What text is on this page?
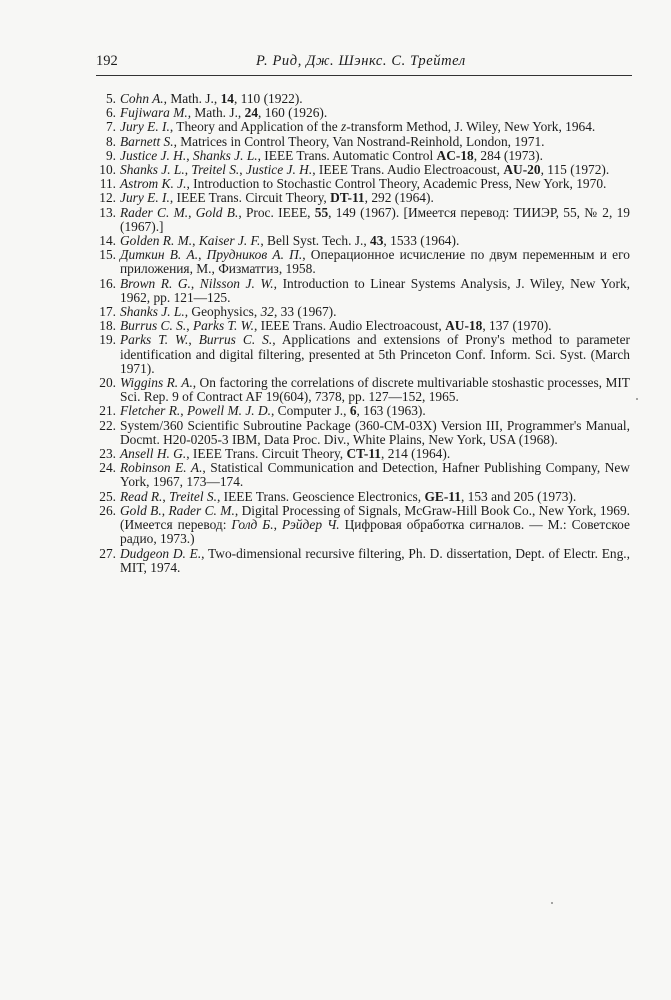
192	Р. Рид, Дж. Шэнкс. С. Трейтел
5. Cohn A., Math. J., 14, 110 (1922).
6. Fujiwara M., Math. J., 24, 160 (1926).
7. Jury E. I., Theory and Application of the z-transform Method, J. Wiley, New York, 1964.
8. Barnett S., Matrices in Control Theory, Van Nostrand-Reinhold, London, 1971.
9. Justice J. H., Shanks J. L., IEEE Trans. Automatic Control AC-18, 284 (1973).
10. Shanks J. L., Treitel S., Justice J. H., IEEE Trans. Audio Electroacoust, AU-20, 115 (1972).
11. Astrom K. J., Introduction to Stochastic Control Theory, Academic Press, New York, 1970.
12. Jury E. I., IEEE Trans. Circuit Theory, DT-11, 292 (1964).
13. Rader C. M., Gold B., Proc. IEEE, 55, 149 (1967). [Имеется перевод: ТИИЭР, 55, № 2, 19 (1967).]
14. Golden R. M., Kaiser J. F., Bell Syst. Tech. J., 43, 1533 (1964).
15. Диткин В. А., Прудников А. П., Операционное исчисление по двум переменным и его приложения, М., Физматгиз, 1958.
16. Brown R. G., Nilsson J. W., Introduction to Linear Systems Analysis, J. Wiley, New York, 1962, pp. 121—125.
17. Shanks J. L., Geophysics, 32, 33 (1967).
18. Burrus C. S., Parks T. W., IEEE Trans. Audio Electroacoust, AU-18, 137 (1970).
19. Parks T. W., Burrus C. S., Applications and extensions of Prony's method to parameter identification and digital filtering, presented at 5th Princeton Conf. Inform. Sci. Syst. (March 1971).
20. Wiggins R. A., On factoring the correlations of discrete multivariable stoshastic processes, MIT Sci. Rep. 9 of Contract AF 19(604), 7378, pp. 127—152, 1965.
21. Fletcher R., Powell M. J. D., Computer J., 6, 163 (1963).
22. System/360 Scientific Subroutine Package (360-CM-03X) Version III, Programmer's Manual, Docmt. H20-0205-3 IBM, Data Proc. Div., White Plains, New York, USA (1968).
23. Ansell H. G., IEEE Trans. Circuit Theory, CT-11, 214 (1964).
24. Robinson E. A., Statistical Communication and Detection, Hafner Publishing Company, New York, 1967, 173—174.
25. Read R., Treitel S., IEEE Trans. Geoscience Electronics, GE-11, 153 and 205 (1973).
26. Gold B., Rader C. M., Digital Processing of Signals, McGraw-Hill Book Co., New York, 1969. (Имеется перевод: Голд Б., Рэйдер Ч. Цифровая обработка сигналов. — М.: Советское радио, 1973.)
27. Dudgeon D. E., Two-dimensional recursive filtering, Ph. D. dissertation, Dept. of Electr. Eng., MIT, 1974.
